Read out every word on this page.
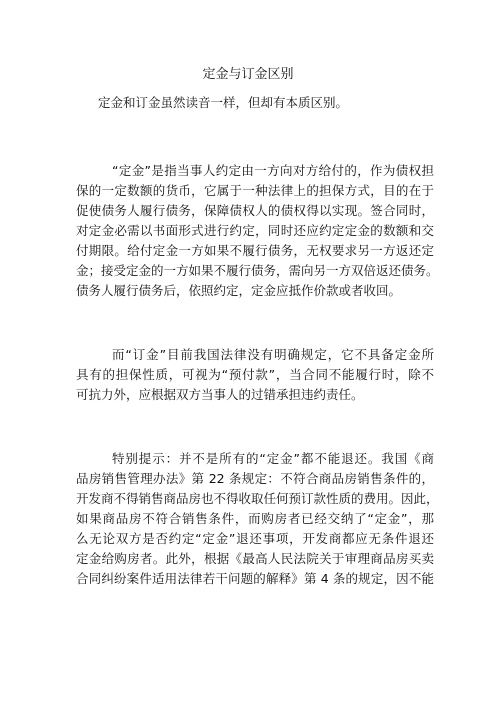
定金与订金区别
定金和订金虽然读音一样，但却有本质区别。
“定金”是指当事人约定由一方向对方给付的，作为债权担
保的一定数额的货币，它属于一种法律上的担保方式，目的在于
促使债务人履行债务，保障债权人的债权得以实现。签合同时，
对定金必需以书面形式进行约定，同时还应约定定金的数额和交
付期限。给付定金一方如果不履行债务，无权要求另一方返还定
金；接受定金的一方如果不履行债务，需向另一方双倍返还债务。
债务人履行债务后，依照约定，定金应抵作价款或者收回。
而“订金”目前我国法律没有明确规定，它不具备定金所
具有的担保性质，可视为“预付款”，当合同不能履行时，除不
可抗力外，应根据双方当事人的过错承担违约责任。
特别提示：并不是所有的“定金”都不能退还。我国《商
品房销售管理办法》第 22 条规定：不符合商品房销售条件的，
开发商不得销售商品房也不得收取任何预订款性质的费用。因此，
如果商品房不符合销售条件，而购房者已经交纳了“定金”，那
么无论双方是否约定“定金”退还事项，开发商都应无条件退还
定金给购房者。此外，根据《最高人民法院关于审理商品房买卖
合同纠纷案件适用法律若干问题的解释》第 4 条的规定，因不能
